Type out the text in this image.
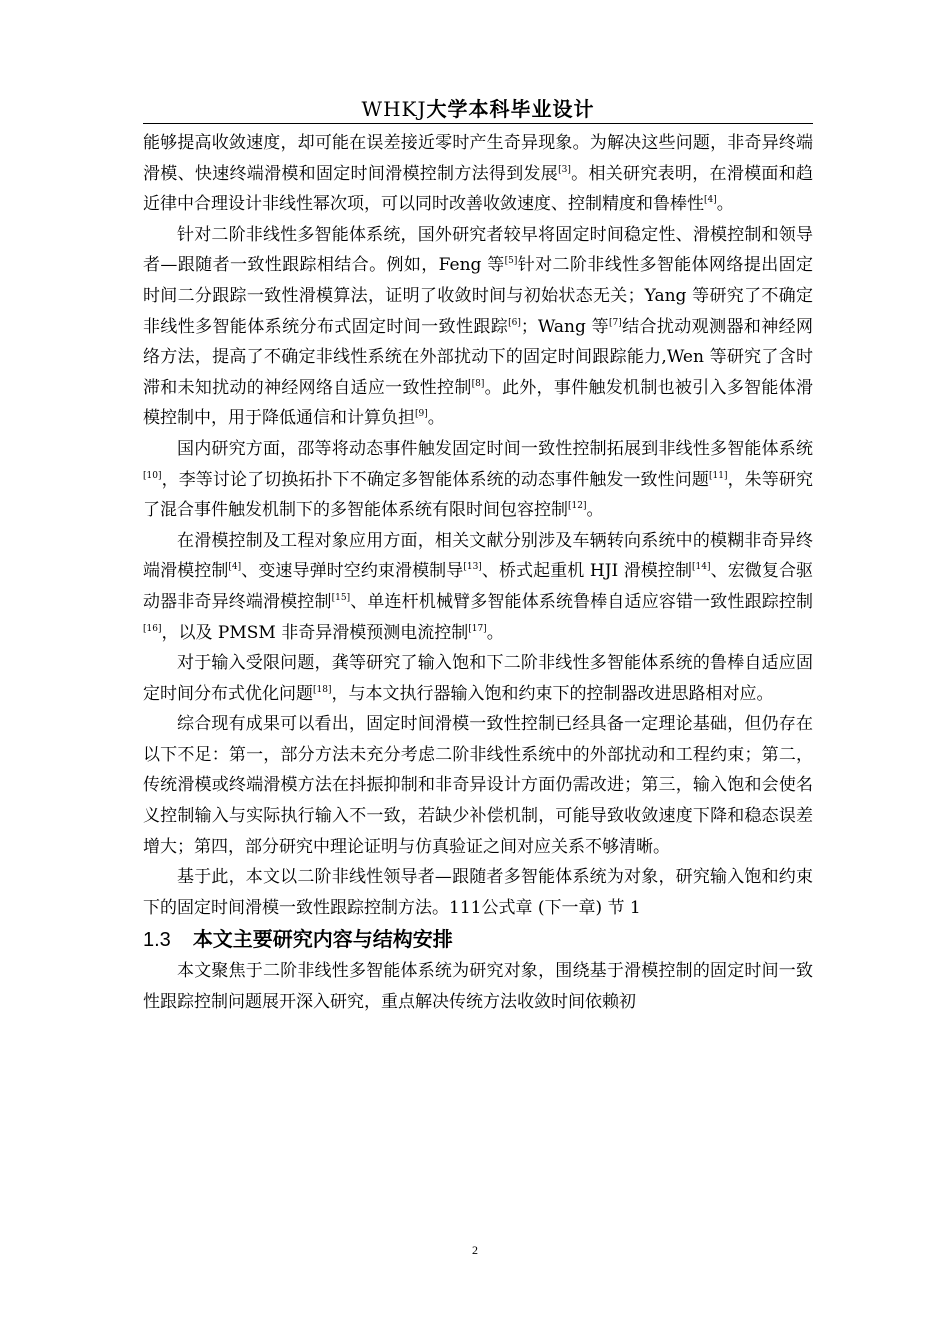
WHKJ大学本科毕业设计

能够提高收敛速度，却可能在误差接近零时产生奇异现象。为解决这些问题，非奇异终端滑模、快速终端滑模和固定时间滑模控制方法得到发展[3]。相关研究表明，在滑模面和趋近律中合理设计非线性幂次项，可以同时改善收敛速度、控制精度和鲁棒性[4]。

针对二阶非线性多智能体系统，国外研究者较早将固定时间稳定性、滑模控制和领导者—跟随者一致性跟踪相结合。例如，Feng 等[5]针对二阶非线性多智能体网络提出固定时间二分跟踪一致性滑模算法，证明了收敛时间与初始状态无关；Yang 等研究了不确定非线性多智能体系统分布式固定时间一致性跟踪[6]；Wang 等[7]结合扰动观测器和神经网络方法，提高了不确定非线性系统在外部扰动下的固定时间跟踪能力,Wen 等研究了含时滞和未知扰动的神经网络自适应一致性控制[8]。此外，事件触发机制也被引入多智能体滑模控制中，用于降低通信和计算负担[9]。

国内研究方面，邵等将动态事件触发固定时间一致性控制拓展到非线性多智能体系统[10]，李等讨论了切换拓扑下不确定多智能体系统的动态事件触发一致性问题[11]，朱等研究了混合事件触发机制下的多智能体系统有限时间包容控制[12]。

在滑模控制及工程对象应用方面，相关文献分别涉及车辆转向系统中的模糊非奇异终端滑模控制[4]、变速导弹时空约束滑模制导[13]、桥式起重机 HJI 滑模控制[14]、宏微复合驱动器非奇异终端滑模控制[15]、单连杆机械臂多智能体系统鲁棒自适应容错一致性跟踪控制[16]，以及 PMSM 非奇异滑模预测电流控制[17]。

对于输入受限问题，龚等研究了输入饱和下二阶非线性多智能体系统的鲁棒自适应固定时间分布式优化问题[18]，与本文执行器输入饱和约束下的控制器改进思路相对应。

综合现有成果可以看出，固定时间滑模一致性控制已经具备一定理论基础，但仍存在以下不足：第一，部分方法未充分考虑二阶非线性系统中的外部扰动和工程约束；第二，传统滑模或终端滑模方法在抖振抑制和非奇异设计方面仍需改进；第三，输入饱和会使名义控制输入与实际执行输入不一致，若缺少补偿机制，可能导致收敛速度下降和稳态误差增大；第四，部分研究中理论证明与仿真验证之间对应关系不够清晰。

基于此，本文以二阶非线性领导者—跟随者多智能体系统为对象，研究输入饱和约束下的固定时间滑模一致性跟踪控制方法。111公式章 (下一章) 节 1

1.3 本文主要研究内容与结构安排

本文聚焦于二阶非线性多智能体系统为研究对象，围绕基于滑模控制的固定时间一致性跟踪控制问题展开深入研究，重点解决传统方法收敛时间依赖初

2
